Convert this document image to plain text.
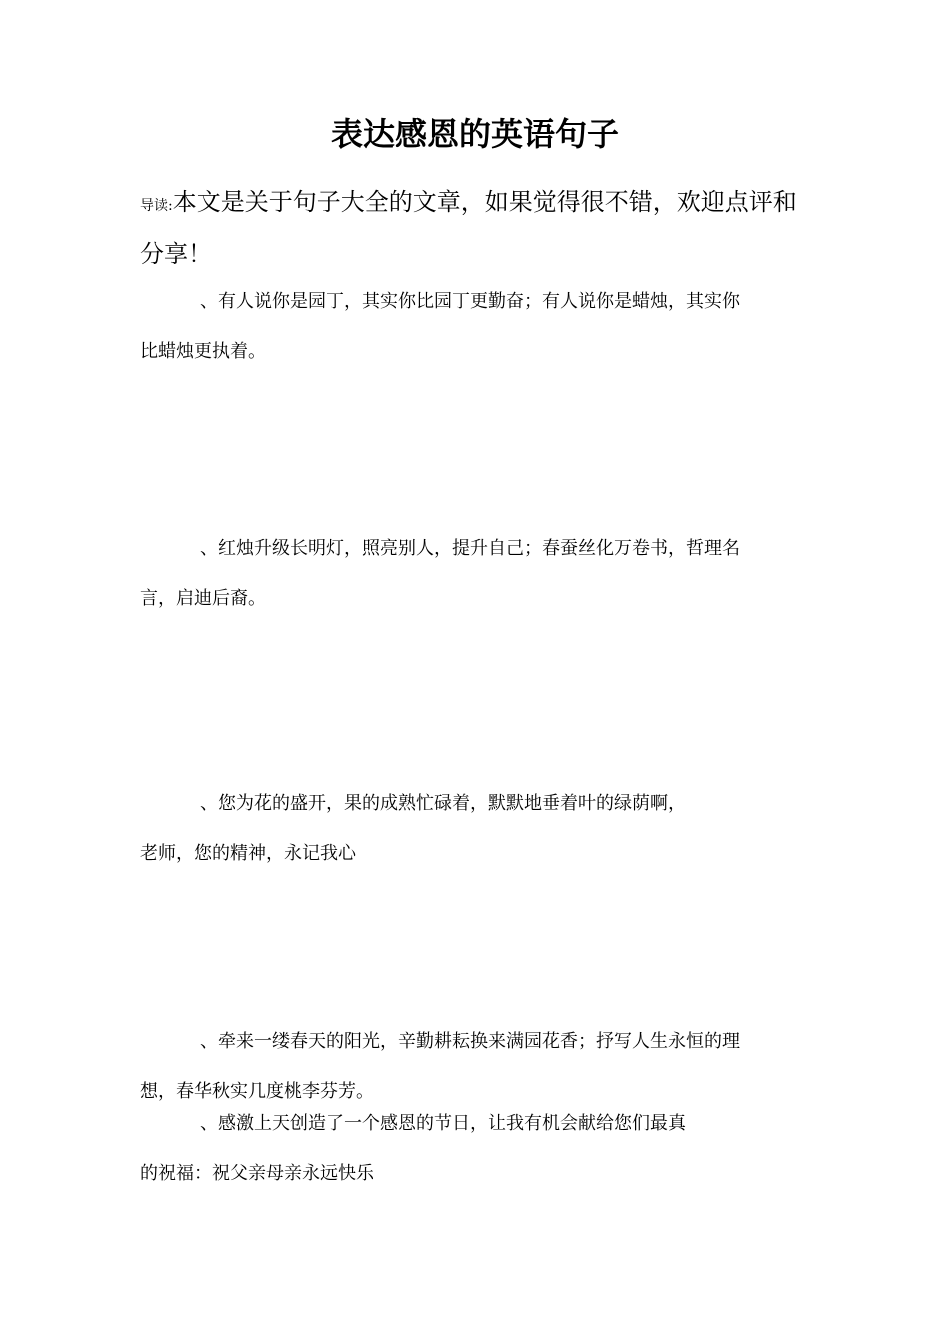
表达感恩的英语句子

导读:本文是关于句子大全的文章，如果觉得很不错，欢迎点评和分享！

、有人说你是园丁，其实你比园丁更勤奋；有人说你是蜡烛，其实你
比蜡烛更执着。

、红烛升级长明灯，照亮别人，提升自己；春蚕丝化万卷书，哲理名
言，启迪后裔。

、您为花的盛开，果的成熟忙碌着，默默地垂着叶的绿荫啊，
老师，您的精神，永记我心

、牵来一缕春天的阳光，辛勤耕耘换来满园花香；抒写人生永恒的理
想，春华秋实几度桃李芬芳。

、感激上天创造了一个感恩的节日，让我有机会献给您们最真
的祝福：祝父亲母亲永远快乐
